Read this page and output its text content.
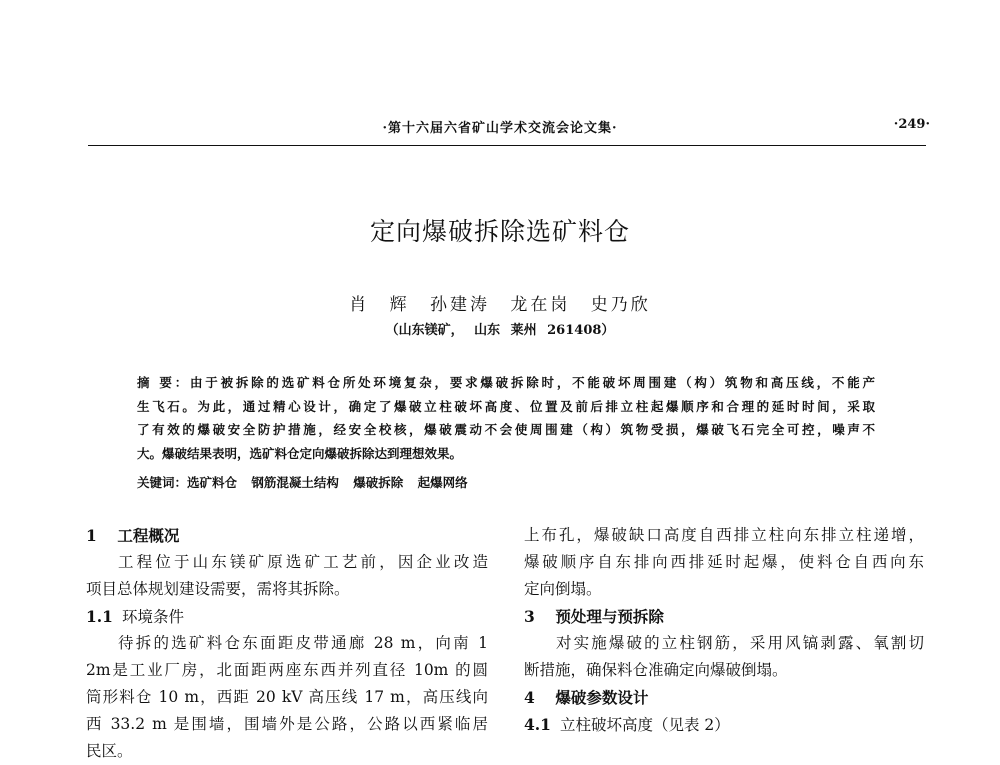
·第十六届六省矿山学术交流会论文集·	·249·
定向爆破拆除选矿料仓
肖 辉 孙建涛 龙在岗 史乃欣
（山东镁矿， 山东 莱州 261408）
摘 要：由于被拆除的选矿料仓所处环境复杂，要求爆破拆除时，不能破坏周围建（构）筑物和高压线，不能产
生飞石。为此，通过精心设计，确定了爆破立柱破坏高度、位置及前后排立柱起爆顺序和合理的延时时间，采取
了有效的爆破安全防护措施，经安全校核，爆破震动不会使周围建（构）筑物受损，爆破飞石完全可控，噪声不
大。爆破结果表明，选矿料仓定向爆破拆除达到理想效果。
关键词：选矿料仓 钢筋混凝土结构 爆破拆除 起爆网络
1 工程概况
工程位于山东镁矿原选矿工艺前，因企业改造
项目总体规划建设需要，需将其拆除。
1.1 环境条件
待拆的选矿料仓东面距皮带通廊 28 m，向南 1
2m是工业厂房，北面距两座东西并列直径 10m 的圆
筒形料仓 10 m，西距 20 kV 高压线 17 m，高压线向
西 33.2 m 是围墙，围墙外是公路，公路以西紧临居
民区。
上布孔，爆破缺口高度自西排立柱向东排立柱递增，
爆破顺序自东排向西排延时起爆，使料仓自西向东
定向倒塌。
3 预处理与预拆除
对实施爆破的立柱钢筋，采用风镐剥露、氧割切
断措施，确保料仓准确定向爆破倒塌。
4 爆破参数设计
4.1 立柱破坏高度（见表 2）
